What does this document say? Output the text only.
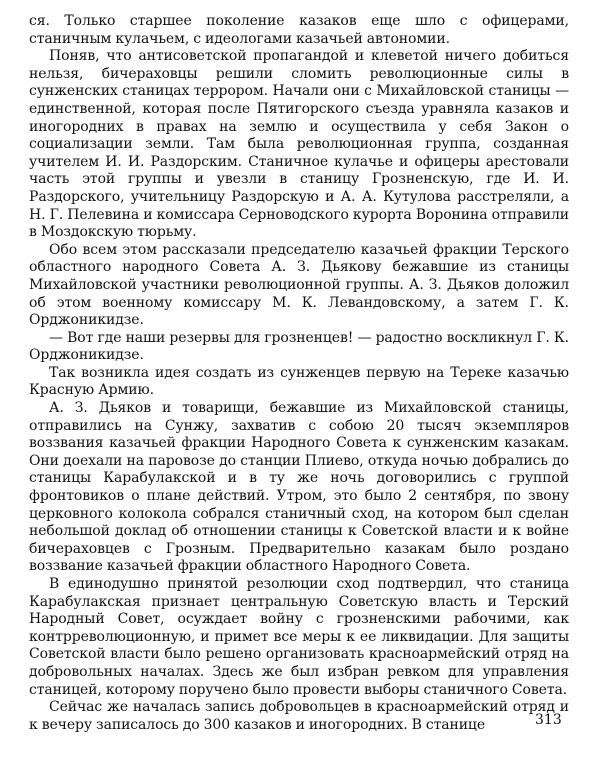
ся. Только старшее поколение казаков еще шло с офицерами, станичным кулачьем, с идеологами казачьей автономии.

Поняв, что антисоветской пропагандой и клеветой ничего добиться нельзя, бичераховцы решили сломить революционные силы в сунженских станицах террором. Начали они с Михайловской станицы — единственной, которая после Пятигорского съезда уравняла казаков и иногородних в правах на землю и осуществила у себя Закон о социализации земли. Там была революционная группа, созданная учителем И. И. Раздорским. Станичное кулачье и офицеры арестовали часть этой группы и увезли в станицу Грозненскую, где И. И. Раздорского, учительницу Раздорскую и А. А. Кутулова расстреляли, а Н. Г. Пелевина и комиссара Серноводского курорта Воронина отправили в Моздокскую тюрьму.

Обо всем этом рассказали председателю казачьей фракции Терского областного народного Совета А. З. Дьякову бежавшие из станицы Михайловской участники революционной группы. А. З. Дьяков доложил об этом военному комиссару М. К. Левандовскому, а затем Г. К. Орджоникидзе.

— Вот где наши резервы для грозненцев! — радостно воскликнул Г. К. Орджоникидзе.

Так возникла идея создать из сунженцев первую на Тереке казачью Красную Армию.

А. З. Дьяков и товарищи, бежавшие из Михайловской станицы, отправились на Сунжу, захватив с собою 20 тысяч экземпляров воззвания казачьей фракции Народного Совета к сунженским казакам. Они доехали на паровозе до станции Плиево, откуда ночью добрались до станицы Карабулакской и в ту же ночь договорились с группой фронтовиков о плане действий. Утром, это было 2 сентября, по звону церковного колокола собрался станичный сход, на котором был сделан небольшой доклад об отношении станицы к Советской власти и к войне бичераховцев с Грозным. Предварительно казакам было роздано воззвание казачьей фракции областного Народного Совета.

В единодушно принятой резолюции сход подтвердил, что станица Карабулакская признает центральную Советскую власть и Терский Народный Совет, осуждает войну с грозненскими рабочими, как контрреволюционную, и примет все меры к ее ликвидации. Для защиты Советской власти было решено организовать красноармейский отряд на добровольных началах. Здесь же был избран ревком для управления станицей, которому поручено было провести выборы станичного Совета.

Сейчас же началась запись добровольцев в красноармейский отряд и к вечеру записалось до 300 казаков и иногородних. В станице	313
